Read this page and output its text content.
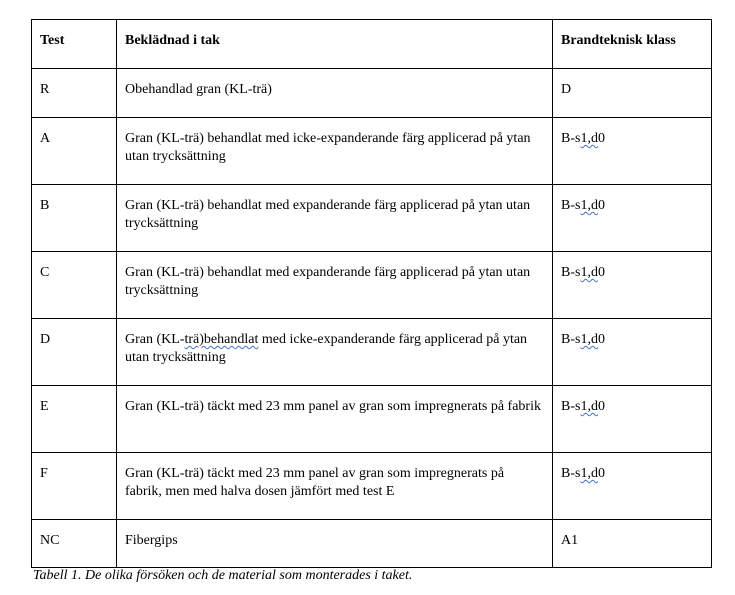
Test	Beklädnad i tak	Brandteknisk klass
R	Obehandlad gran (KL-trä)	D
A	Gran (KL-trä) behandlat med icke-expanderande färg applicerad på ytan utan trycksättning	B-s1,d0
B	Gran (KL-trä) behandlat med expanderande färg applicerad på ytan utan trycksättning	B-s1,d0
C	Gran (KL-trä) behandlat med expanderande färg applicerad på ytan utan trycksättning	B-s1,d0
D	Gran (KL-trä)behandlat med icke-expanderande färg applicerad på ytan utan trycksättning	B-s1,d0
E	Gran (KL-trä) täckt med 23 mm panel av gran som impregnerats på fabrik	B-s1,d0
F	Gran (KL-trä) täckt med 23 mm panel av gran som impregnerats på fabrik, men med halva dosen jämfört med test E	B-s1,d0
NC	Fibergips	A1
Tabell 1. De olika försöken och de material som monterades i taket.
